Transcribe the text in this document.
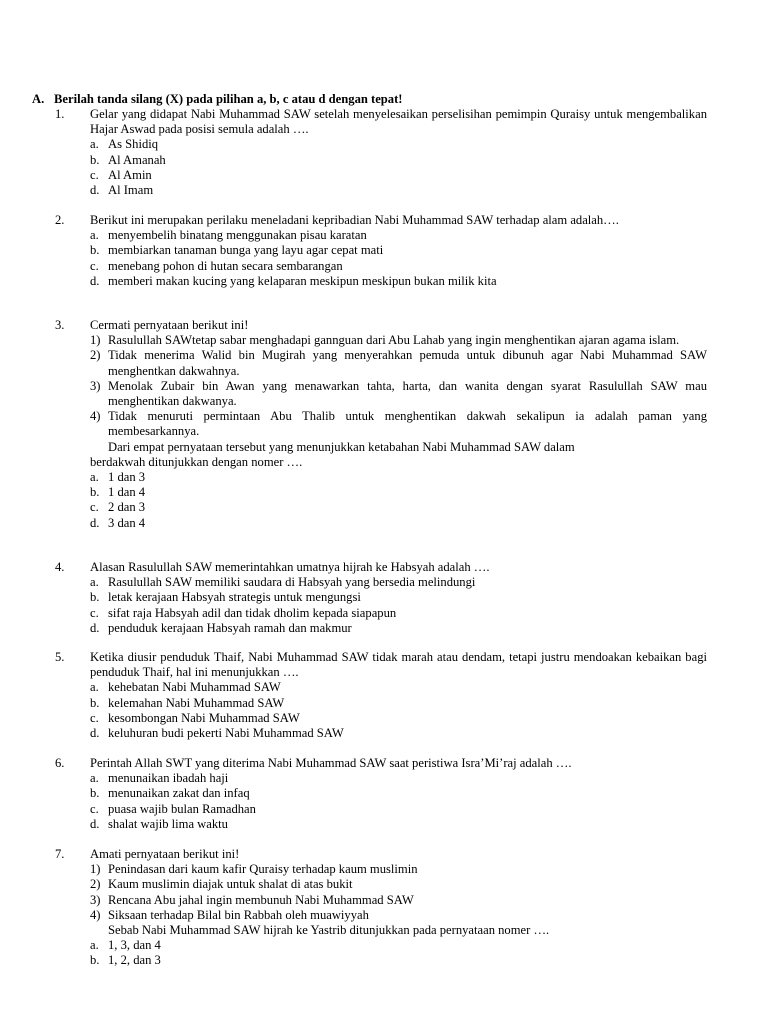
A. Berilah tanda silang (X) pada pilihan a, b, c atau d dengan tepat!
1.	Gelar yang didapat Nabi Muhammad SAW setelah menyelesaikan perselisihan pemimpin Quraisy untuk mengembalikan Hajar Aswad pada posisi semula adalah ….
a. As Shidiq
b. Al Amanah
c. Al Amin
d. Al Imam
2.	Berikut ini merupakan perilaku meneladani kepribadian Nabi Muhammad SAW terhadap alam adalah….
a. menyembelih binatang menggunakan pisau karatan
b. membiarkan tanaman bunga yang layu agar cepat mati
c. menebang pohon di hutan secara sembarangan
d. memberi makan kucing yang kelaparan meskipun meskipun bukan milik kita
3.	Cermati pernyataan berikut ini!
1) Rasulullah SAWtetap sabar menghadapi gannguan dari Abu Lahab yang ingin menghentikan ajaran agama islam.
2) Tidak menerima Walid bin Mugirah yang menyerahkan pemuda untuk dibunuh agar Nabi Muhammad SAW menghentkan dakwahnya.
3) Menolak Zubair bin Awan yang menawarkan tahta, harta, dan wanita dengan syarat Rasulullah SAW mau menghentikan dakwanya.
4) Tidak menuruti permintaan Abu Thalib untuk menghentikan dakwah sekalipun ia adalah paman yang membesarkannya.
Dari empat pernyataan tersebut yang menunjukkan ketabahan Nabi Muhammad SAW dalam
berdakwah ditunjukkan dengan nomer ….
a. 1 dan 3
b. 1 dan 4
c. 2 dan 3
d. 3 dan 4
4.	Alasan Rasulullah SAW memerintahkan umatnya hijrah ke Habsyah adalah ….
a. Rasulullah SAW memiliki saudara di Habsyah yang bersedia melindungi
b. letak kerajaan Habsyah strategis untuk mengungsi
c. sifat raja Habsyah adil dan tidak dholim kepada siapapun
d. penduduk kerajaan Habsyah ramah dan makmur
5.	Ketika diusir penduduk Thaif, Nabi Muhammad SAW tidak marah atau dendam, tetapi justru mendoakan kebaikan bagi penduduk Thaif, hal ini menunjukkan ….
a. kehebatan Nabi Muhammad SAW
b. kelemahan Nabi Muhammad SAW
c. kesombongan Nabi Muhammad SAW
d. keluhuran budi pekerti Nabi Muhammad SAW
6.	Perintah Allah SWT yang diterima Nabi Muhammad SAW saat peristiwa Isra’Mi’raj adalah ….
a. menunaikan ibadah haji
b. menunaikan zakat dan infaq
c. puasa wajib bulan Ramadhan
d. shalat wajib lima waktu
7.	Amati pernyataan berikut ini!
1) Penindasan dari kaum kafir Quraisy terhadap kaum muslimin
2) Kaum muslimin diajak untuk shalat di atas bukit
3) Rencana Abu jahal ingin membunuh Nabi Muhammad SAW
4) Siksaan terhadap Bilal bin Rabbah oleh muawiyyah
Sebab Nabi Muhammad SAW hijrah ke Yastrib ditunjukkan pada pernyataan nomer ….
a. 1, 3, dan 4
b. 1, 2, dan 3
